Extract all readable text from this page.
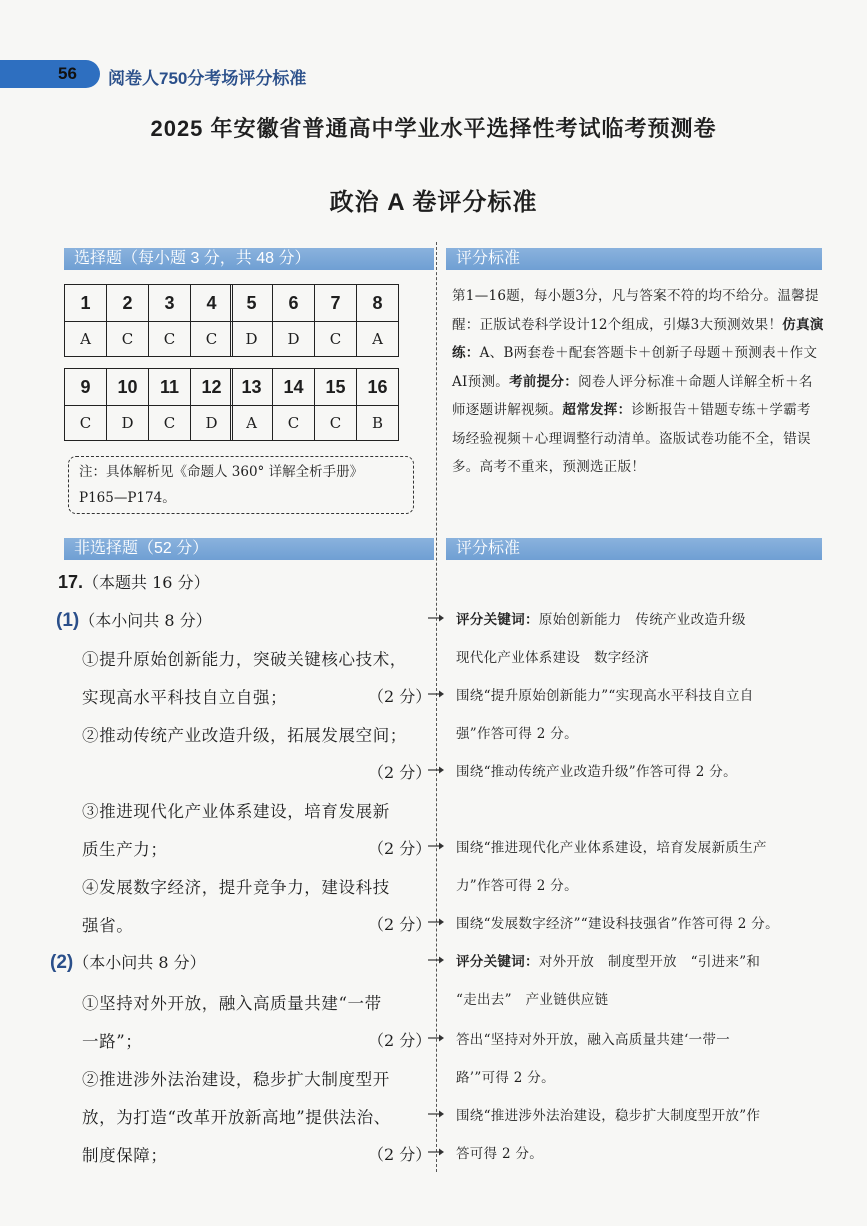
56 阅卷人750分考场评分标准
2025 年安徽省普通高中学业水平选择性考试临考预测卷
政治 A 卷评分标准
选择题（每小题 3 分，共 48 分）	评分标准
1	2	3	4
A	C	C	C
5	6	7	8
D	D	C	A
9	10	11	12
C	D	C	D
13	14	15	16
A	C	C	B
注：具体解析见《命题人 360° 详解全析手册》
P165—P174。
第1—16题，每小题3分，凡与答案不符的均不给分。温馨提醒：正版试卷科学设计12个组成，引爆3大预测效果！仿真演练：A、B两套卷＋配套答题卡＋创新子母题＋预测表＋作文AI预测。考前提分：阅卷人评分标准＋命题人详解全析＋名师逐题讲解视频。超常发挥：诊断报告＋错题专练＋学霸考场经验视频＋心理调整行动清单。盗版试卷功能不全，错误多。高考不重来，预测选正版！
非选择题（52 分）	评分标准
17.（本题共 16 分）
(1)（本小问共 8 分）
①提升原始创新能力，突破关键核心技术，
实现高水平科技自立自强；	（2 分）
②推动传统产业改造升级，拓展发展空间；
（2 分）
③推进现代化产业体系建设，培育发展新
质生产力；	（2 分）
④发展数字经济，提升竞争力，建设科技
强省。	（2 分）
(2)（本小问共 8 分）
①坚持对外开放，融入高质量共建“一带
一路”；	（2 分）
②推进涉外法治建设，稳步扩大制度型开
放，为打造“改革开放新高地”提供法治、
制度保障；	（2 分）
评分关键词：原始创新能力　传统产业改造升级
现代化产业体系建设　数字经济
围绕“提升原始创新能力”“实现高水平科技自立自
强”作答可得 2 分。
围绕“推动传统产业改造升级”作答可得 2 分。
围绕“推进现代化产业体系建设，培育发展新质生产
力”作答可得 2 分。
围绕“发展数字经济”“建设科技强省”作答可得 2 分。
评分关键词：对外开放　制度型开放　“引进来”和
“走出去”　产业链供应链
答出“坚持对外开放，融入高质量共建‘一带一
路’”可得 2 分。
围绕“推进涉外法治建设，稳步扩大制度型开放”作
答可得 2 分。
